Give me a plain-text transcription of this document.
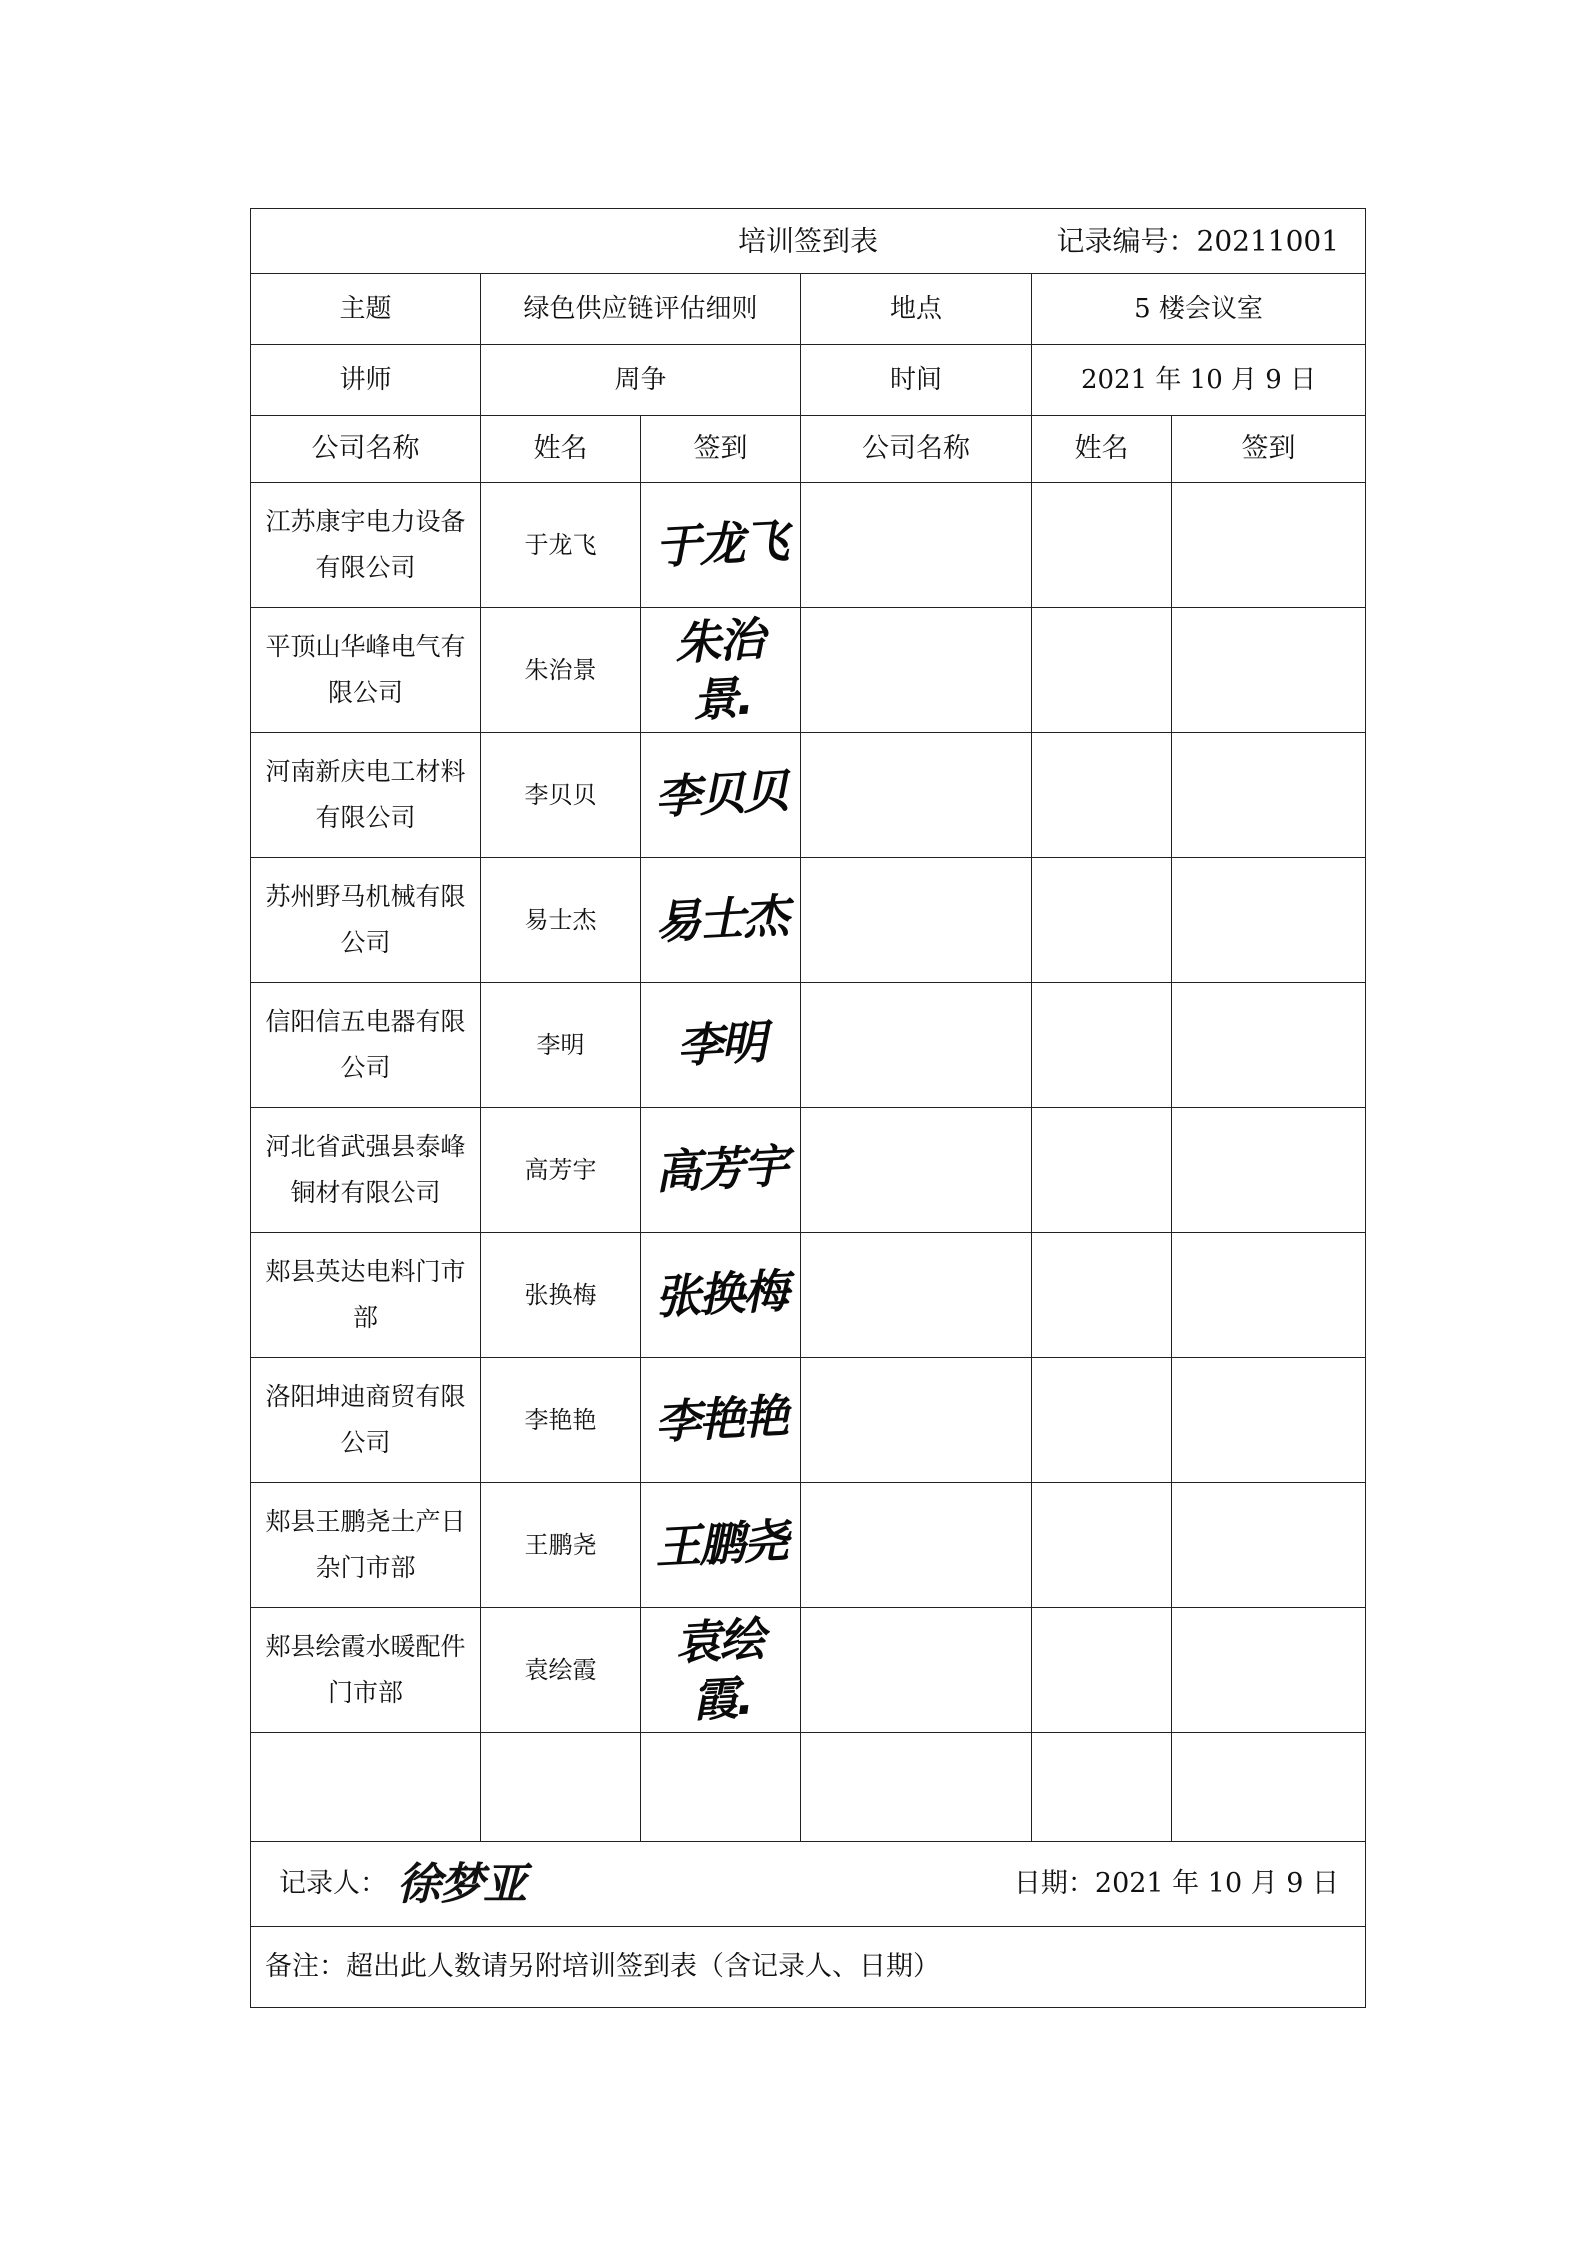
培训签到表 记录编号：20211001					

主题	绿色供应链评估细则		地点	5 楼会议室	
讲师	周争		时间	2021 年 10 月 9 日	
公司名称	姓名	签到	公司名称	姓名	签到
江苏康宇电力设备有限公司	于龙飞	于龙飞			
平顶山华峰电气有限公司	朱治景	朱治景.			
河南新庆电工材料有限公司	李贝贝	李贝贝			
苏州野马机械有限公司	易士杰	易士杰			
信阳信五电器有限公司	李明	李明			
河北省武强县泰峰铜材有限公司	高芳宇	高芳宇			
郏县英达电料门市部	张换梅	张换梅			
洛阳坤迪商贸有限公司	李艳艳	李艳艳			
郏县王鹏尧土产日杂门市部	王鹏尧	王鹏尧			
郏县绘霞水暖配件门市部	袁绘霞	袁绘霞.			

记录人： 徐梦亚 日期：2021 年 10 月 9 日					

备注：超出此人数请另附培训签到表（含记录人、日期）					
